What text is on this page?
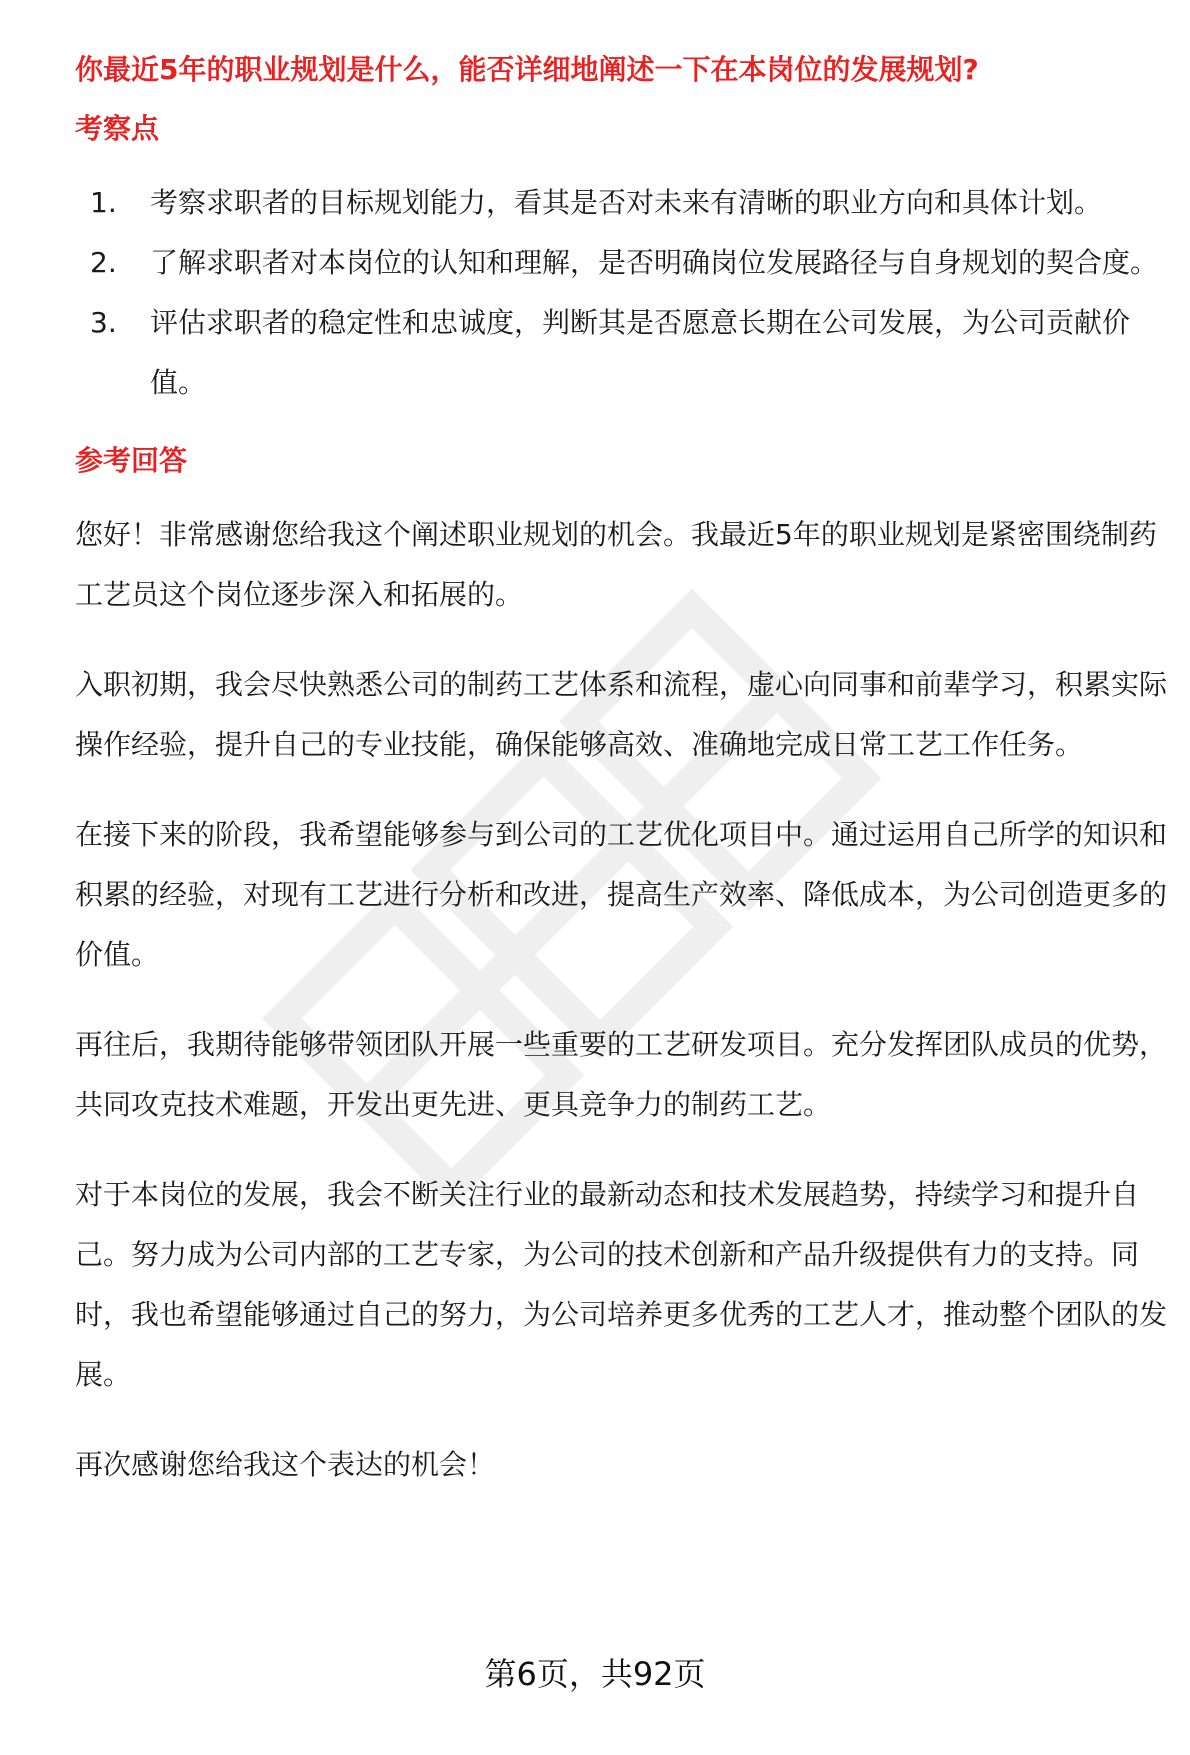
你最近5年的职业规划是什么，能否详细地阐述一下在本岗位的发展规划?
考察点
1.	考察求职者的目标规划能力，看其是否对未来有清晰的职业方向和具体计划。
2.	了解求职者对本岗位的认知和理解，是否明确岗位发展路径与自身规划的契合度。
3.	评估求职者的稳定性和忠诚度，判断其是否愿意长期在公司发展，为公司贡献价值。
参考回答

您好！非常感谢您给我这个阐述职业规划的机会。我最近5年的职业规划是紧密围绕制药工艺员这个岗位逐步深入和拓展的。

入职初期，我会尽快熟悉公司的制药工艺体系和流程，虚心向同事和前辈学习，积累实际操作经验，提升自己的专业技能，确保能够高效、准确地完成日常工艺工作任务。

在接下来的阶段，我希望能够参与到公司的工艺优化项目中。通过运用自己所学的知识和积累的经验，对现有工艺进行分析和改进，提高生产效率、降低成本，为公司创造更多的价值。

再往后，我期待能够带领团队开展一些重要的工艺研发项目。充分发挥团队成员的优势，共同攻克技术难题，开发出更先进、更具竞争力的制药工艺。

对于本岗位的发展，我会不断关注行业的最新动态和技术发展趋势，持续学习和提升自己。努力成为公司内部的工艺专家，为公司的技术创新和产品升级提供有力的支持。同时，我也希望能够通过自己的努力，为公司培养更多优秀的工艺人才，推动整个团队的发展。

再次感谢您给我这个表达的机会！

第6页，共92页
